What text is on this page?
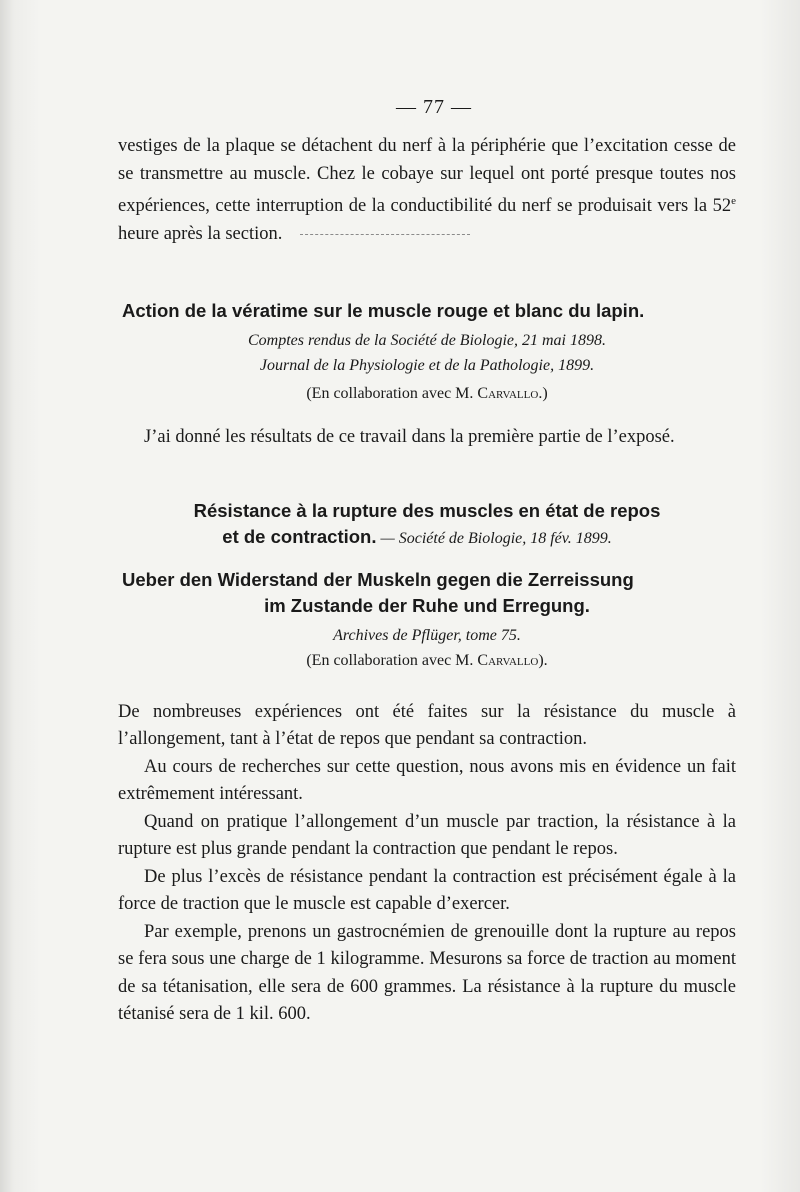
— 77 —

vestiges de la plaque se détachent du nerf à la périphérie que l’excitation cesse de se transmettre au muscle. Chez le cobaye sur lequel ont porté presque toutes nos expériences, cette interruption de la conductibilité du nerf se produisait vers la 52e heure après la section.

Action de la vératime sur le muscle rouge et blanc du lapin.

Comptes rendus de la Société de Biologie, 21 mai 1898.

Journal de la Physiologie et de la Pathologie, 1899.

(En collaboration avec M. Carvallo.)

J’ai donné les résultats de ce travail dans la première partie de l’exposé.

Résistance à la rupture des muscles en état de repos

et de contraction. — Société de Biologie, 18 fév. 1899.

Ueber den Widerstand der Muskeln gegen die Zerreissung

im Zustande der Ruhe und Erregung.

Archives de Pflüger, tome 75.

(En collaboration avec M. Carvallo).

De nombreuses expériences ont été faites sur la résistance du muscle à l’allongement, tant à l’état de repos que pendant sa contraction.

Au cours de recherches sur cette question, nous avons mis en évidence un fait extrêmement intéressant.

Quand on pratique l’allongement d’un muscle par traction, la résistance à la rupture est plus grande pendant la contraction que pendant le repos.

De plus l’excès de résistance pendant la contraction est précisément égale à la force de traction que le muscle est capable d’exercer.

Par exemple, prenons un gastrocnémien de grenouille dont la rupture au repos se fera sous une charge de 1 kilogramme. Mesurons sa force de traction au moment de sa tétanisation, elle sera de 600 grammes. La résistance à la rupture du muscle tétanisé sera de 1 kil. 600.
